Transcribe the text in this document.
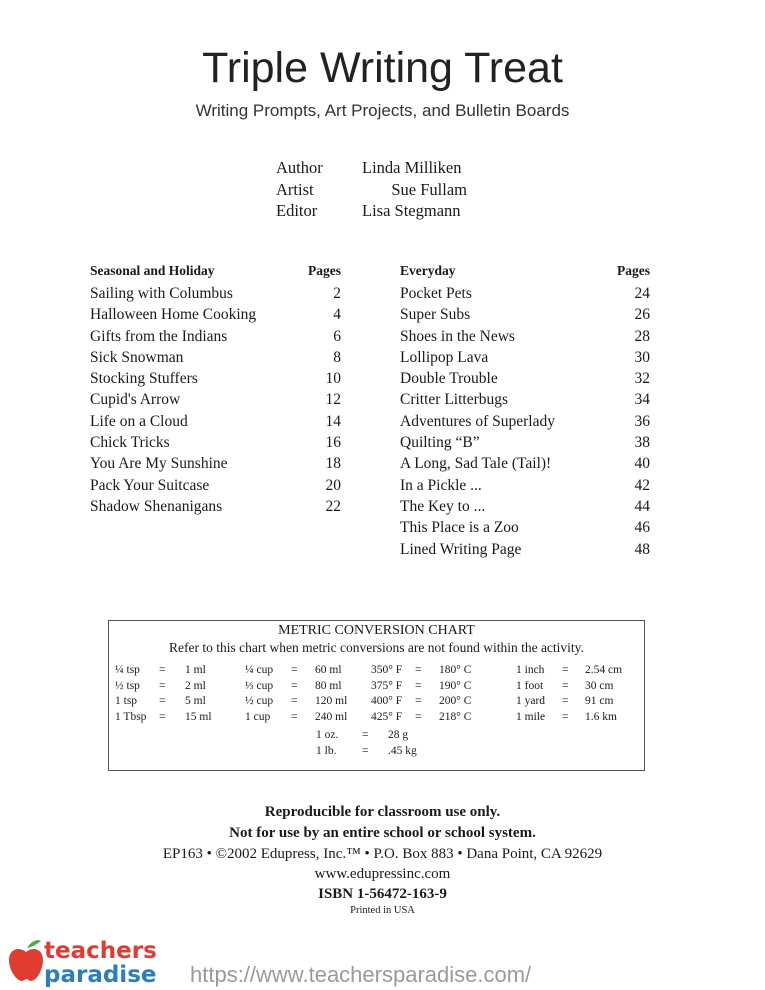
Triple Writing Treat
Writing Prompts, Art Projects, and Bulletin Boards
Author Linda Milliken
Artist	Sue Fullam
Editor	Lisa Stegmann
Seasonal and Holiday	Pages
Sailing with Columbus	2
Halloween Home Cooking	4
Gifts from the Indians	6
Sick Snowman	8
Stocking Stuffers	10
Cupid's Arrow	12
Life on a Cloud	14
Chick Tricks	16
You Are My Sunshine	18
Pack Your Suitcase	20
Shadow Shenanigans	22
Everyday	Pages
Pocket Pets	24
Super Subs	26
Shoes in the News	28
Lollipop Lava	30
Double Trouble	32
Critter Litterbugs	34
Adventures of Superlady	36
Quilting “B”	38
A Long, Sad Tale (Tail)!	40
In a Pickle ...	42
The Key to ...	44
This Place is a Zoo	46
Lined Writing Page	48
METRIC CONVERSION CHART
Refer to this chart when metric conversions are not found within the activity.
¼ tsp = 1 ml
½ tsp = 2 ml
1 tsp = 5 ml
1 Tbsp = 15 ml
¼ cup = 60 ml
⅓ cup = 80 ml
½ cup = 120 ml
1 cup = 240 ml
350° F = 180° C
375° F = 190° C
400° F = 200° C
425° F = 218° C
1 inch = 2.54 cm
1 foot = 30 cm
1 yard = 91 cm
1 mile = 1.6 km
1 oz. = 28 g
1 lb. = .45 kg
Reproducible for classroom use only.
Not for use by an entire school or school system.
EP163 • ©2002 Edupress, Inc.™ • P.O. Box 883 • Dana Point, CA 92629
www.edupressinc.com
ISBN 1-56472-163-9
Printed in USA
teachers
paradise https://www.teachersparadise.com/
